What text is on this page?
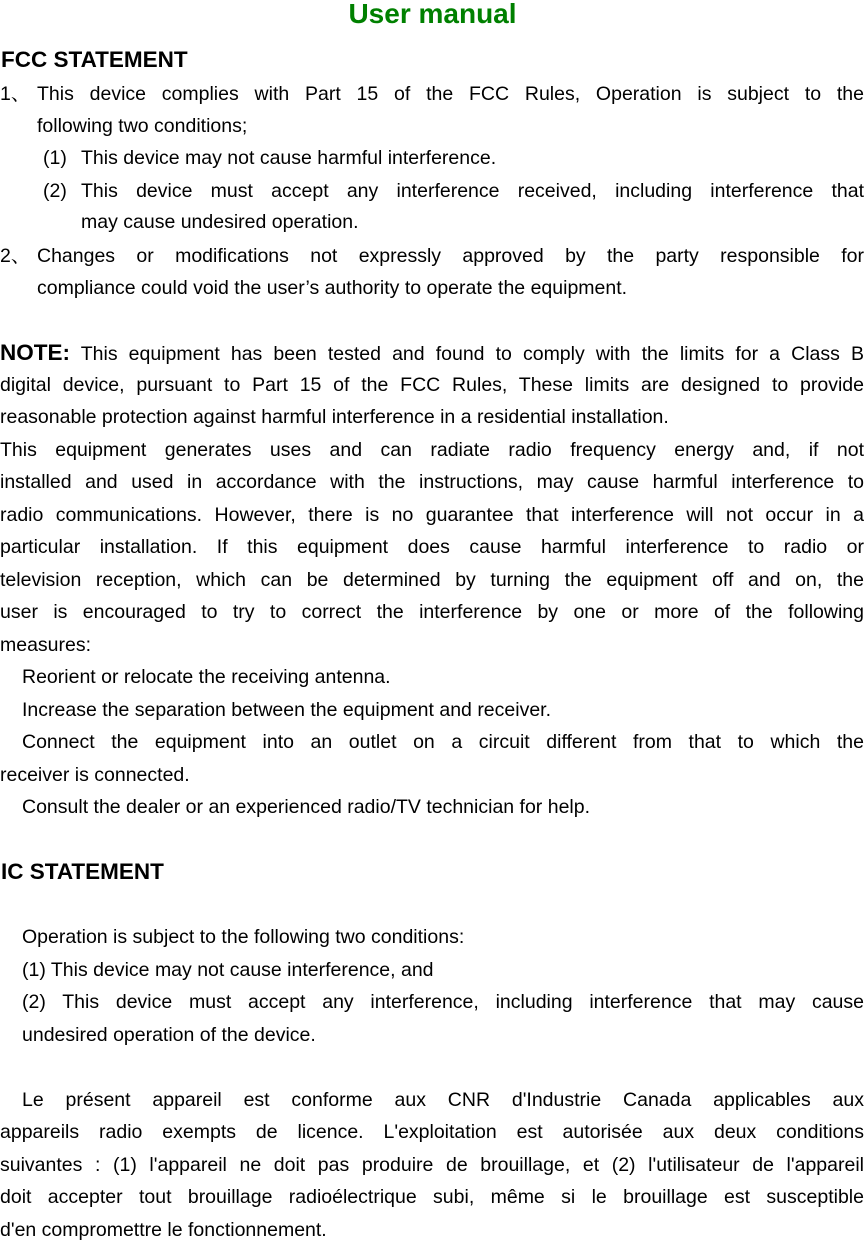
User manual
FCC STATEMENT
1、 This device complies with Part 15 of the FCC Rules, Operation is subject to the
following two conditions;
(1) This device may not cause harmful interference.
(2) This device must accept any interference received, including interference that
may cause undesired operation.
2、 Changes or modifications not expressly approved by the party responsible for
compliance could void the user’s authority to operate the equipment.
NOTE: This equipment has been tested and found to comply with the limits for a Class B
digital device, pursuant to Part 15 of the FCC Rules, These limits are designed to provide
reasonable protection against harmful interference in a residential installation.
This equipment generates uses and can radiate radio frequency energy and, if not
installed and used in accordance with the instructions, may cause harmful interference to
radio communications. However, there is no guarantee that interference will not occur in a
particular installation. If this equipment does cause harmful interference to radio or
television reception, which can be determined by turning the equipment off and on, the
user is encouraged to try to correct the interference by one or more of the following
measures:
Reorient or relocate the receiving antenna.
Increase the separation between the equipment and receiver.
Connect the equipment into an outlet on a circuit different from that to which the
receiver is connected.
Consult the dealer or an experienced radio/TV technician for help.
IC STATEMENT
Operation is subject to the following two conditions:
(1) This device may not cause interference, and
(2) This device must accept any interference, including interference that may cause
undesired operation of the device.
Le présent appareil est conforme aux CNR d'Industrie Canada applicables aux
appareils radio exempts de licence. L'exploitation est autorisée aux deux conditions
suivantes : (1) l'appareil ne doit pas produire de brouillage, et (2) l'utilisateur de l'appareil
doit accepter tout brouillage radioélectrique subi, même si le brouillage est susceptible
d'en compromettre le fonctionnement.
